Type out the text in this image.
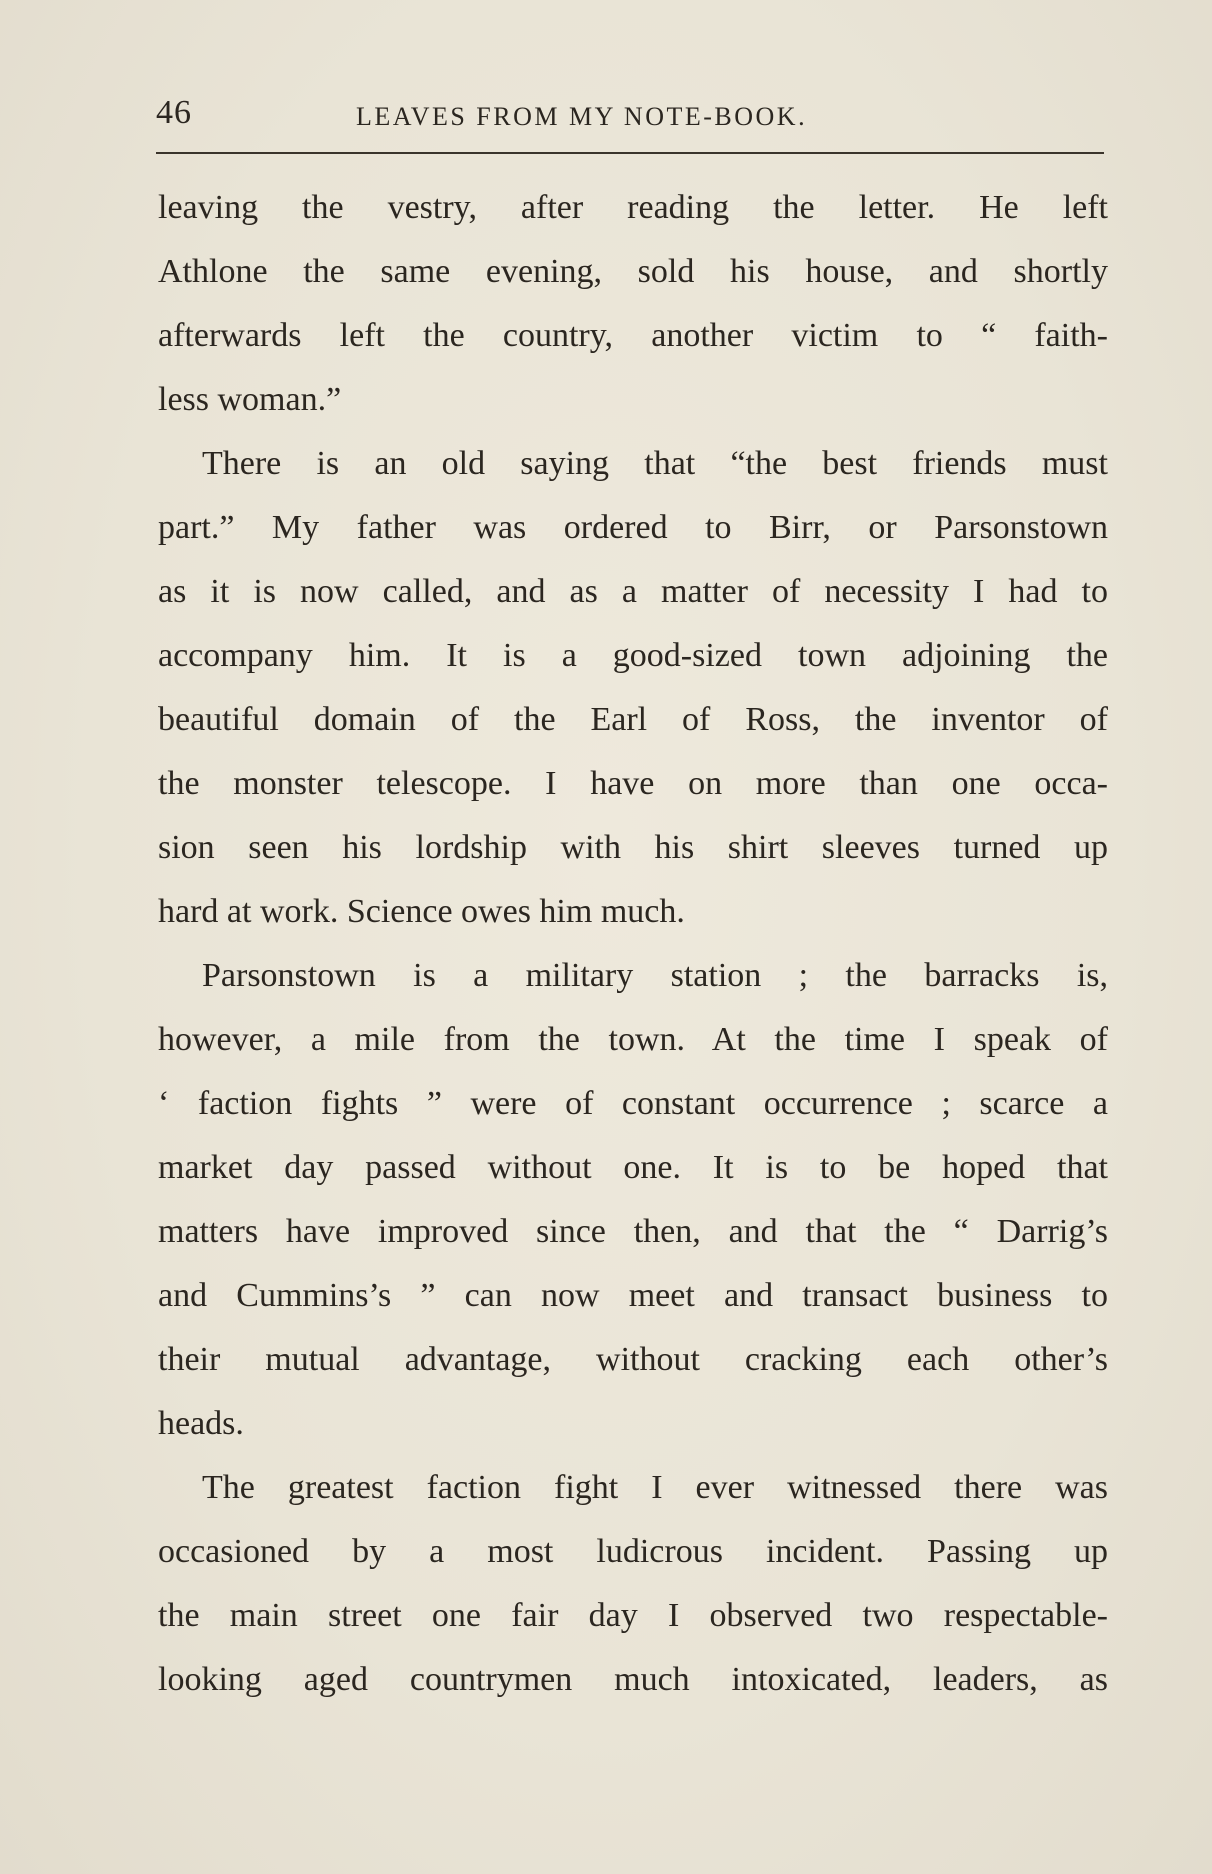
46	LEAVES FROM MY NOTE-BOOK.
leaving the vestry, after reading the letter. He left
Athlone the same evening, sold his house, and shortly
afterwards left the country, another victim to “ faith-
less woman.”
There is an old saying that “the best friends must
part.” My father was ordered to Birr, or Parsonstown
as it is now called, and as a matter of necessity I had to
accompany him. It is a good-sized town adjoining the
beautiful domain of the Earl of Ross, the inventor of
the monster telescope. I have on more than one occa-
sion seen his lordship with his shirt sleeves turned up
hard at work. Science owes him much.
Parsonstown is a military station ; the barracks is,
however, a mile from the town. At the time I speak of
‘ faction fights ” were of constant occurrence ; scarce a
market day passed without one. It is to be hoped that
matters have improved since then, and that the “ Darrig’s
and Cummins’s ” can now meet and transact business to
their mutual advantage, without cracking each other’s
heads.
The greatest faction fight I ever witnessed there was
occasioned by a most ludicrous incident. Passing up
the main street one fair day I observed two respectable-
looking aged countrymen much intoxicated, leaders, as
